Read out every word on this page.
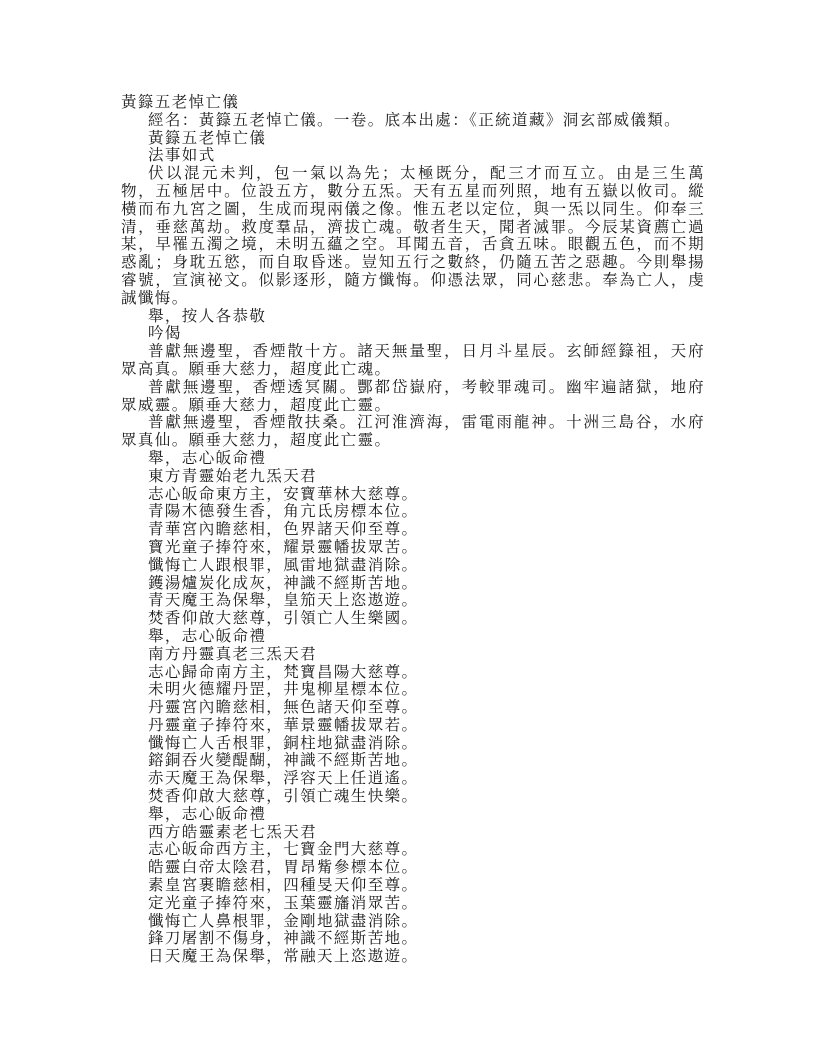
黃籙五老悼亡儀
經名：黃籙五老悼亡儀。一卷。底本出處：《正統道藏》洞玄部威儀類。
黃籙五老悼亡儀
法事如式

伏以混元未判，包一氣以為先；太極既分，配三才而互立。由是三生萬物，五極居中。位設五方，數分五炁。天有五星而列照，地有五嶽以攸司。縱橫而布九宮之圖，生成而現兩儀之像。惟五老以定位，與一炁以同生。仰奉三清，垂慈萬劫。救度羣品，濟拔亡魂。敬者生天，聞者滅罪。今辰某資薦亡過某，早罹五濁之境，未明五蘊之空。耳聞五音，舌貪五味。眼觀五色，而不期惑亂；身耽五慾，而自取昏迷。豈知五行之數終，仍隨五苦之惡趣。今則舉揚睿號，宣演祕文。似影逐形，隨方懺悔。仰憑法眾，同心慈悲。奉為亡人，虔誠懺悔。

舉，按人各恭敬
吟偈

普獻無邊聖，香煙散十方。諸天無量聖，日月斗星辰。玄師經籙祖，天府眾高真。願垂大慈力，超度此亡魂。

普獻無邊聖，香煙透冥關。酆都岱嶽府，考較罪魂司。幽牢遍諸獄，地府眾威靈。願垂大慈力，超度此亡靈。

普獻無邊聖，香煙散扶桑。江河淮濟海，雷電雨龍神。十洲三島谷，水府眾真仙。願垂大慈力，超度此亡靈。

舉，志心皈命禮
東方青靈始老九炁天君
志心皈命東方主，安寶華林大慈尊。
青陽木德發生香，角亢氐房標本位。
青華宮內瞻慈相，色界諸天仰至尊。
寶光童子捧符來，耀景靈幡拔眾苦。
懺悔亡人跟根罪，風雷地獄盡消除。
鑊湯爐炭化成灰，神識不經斯苦地。
青天魔王為保舉，皇笳天上恣遨遊。
焚香仰啟大慈尊，引領亡人生樂國。
舉，志心皈命禮
南方丹靈真老三炁天君
志心歸命南方主，梵寶昌陽大慈尊。
未明火德耀丹罡，井鬼柳星標本位。
丹靈宮內瞻慈相，無色諸天仰至尊。
丹靈童子捧符來，華景靈幡拔眾若。
懺悔亡人舌根罪，銅柱地獄盡消除。
鎔銅吞火變醍醐，神識不經斯苦地。
赤天魔王為保舉，浮容天上任逍遙。
焚香仰啟大慈尊，引領亡魂生快樂。
舉，志心皈命禮
西方皓靈素老七炁天君
志心皈命西方主，七寶金門大慈尊。
皓靈白帝太陰君，胃昂觜參標本位。
素皇宮裹瞻慈相，四種旻天仰至尊。
定光童子捧符來，玉葉靈旛消眾苦。
懺悔亡人鼻根罪，金剛地獄盡消除。
鋒刀屠割不傷身，神識不經斯苦地。
日天魔王為保舉，常融天上恣遨遊。
